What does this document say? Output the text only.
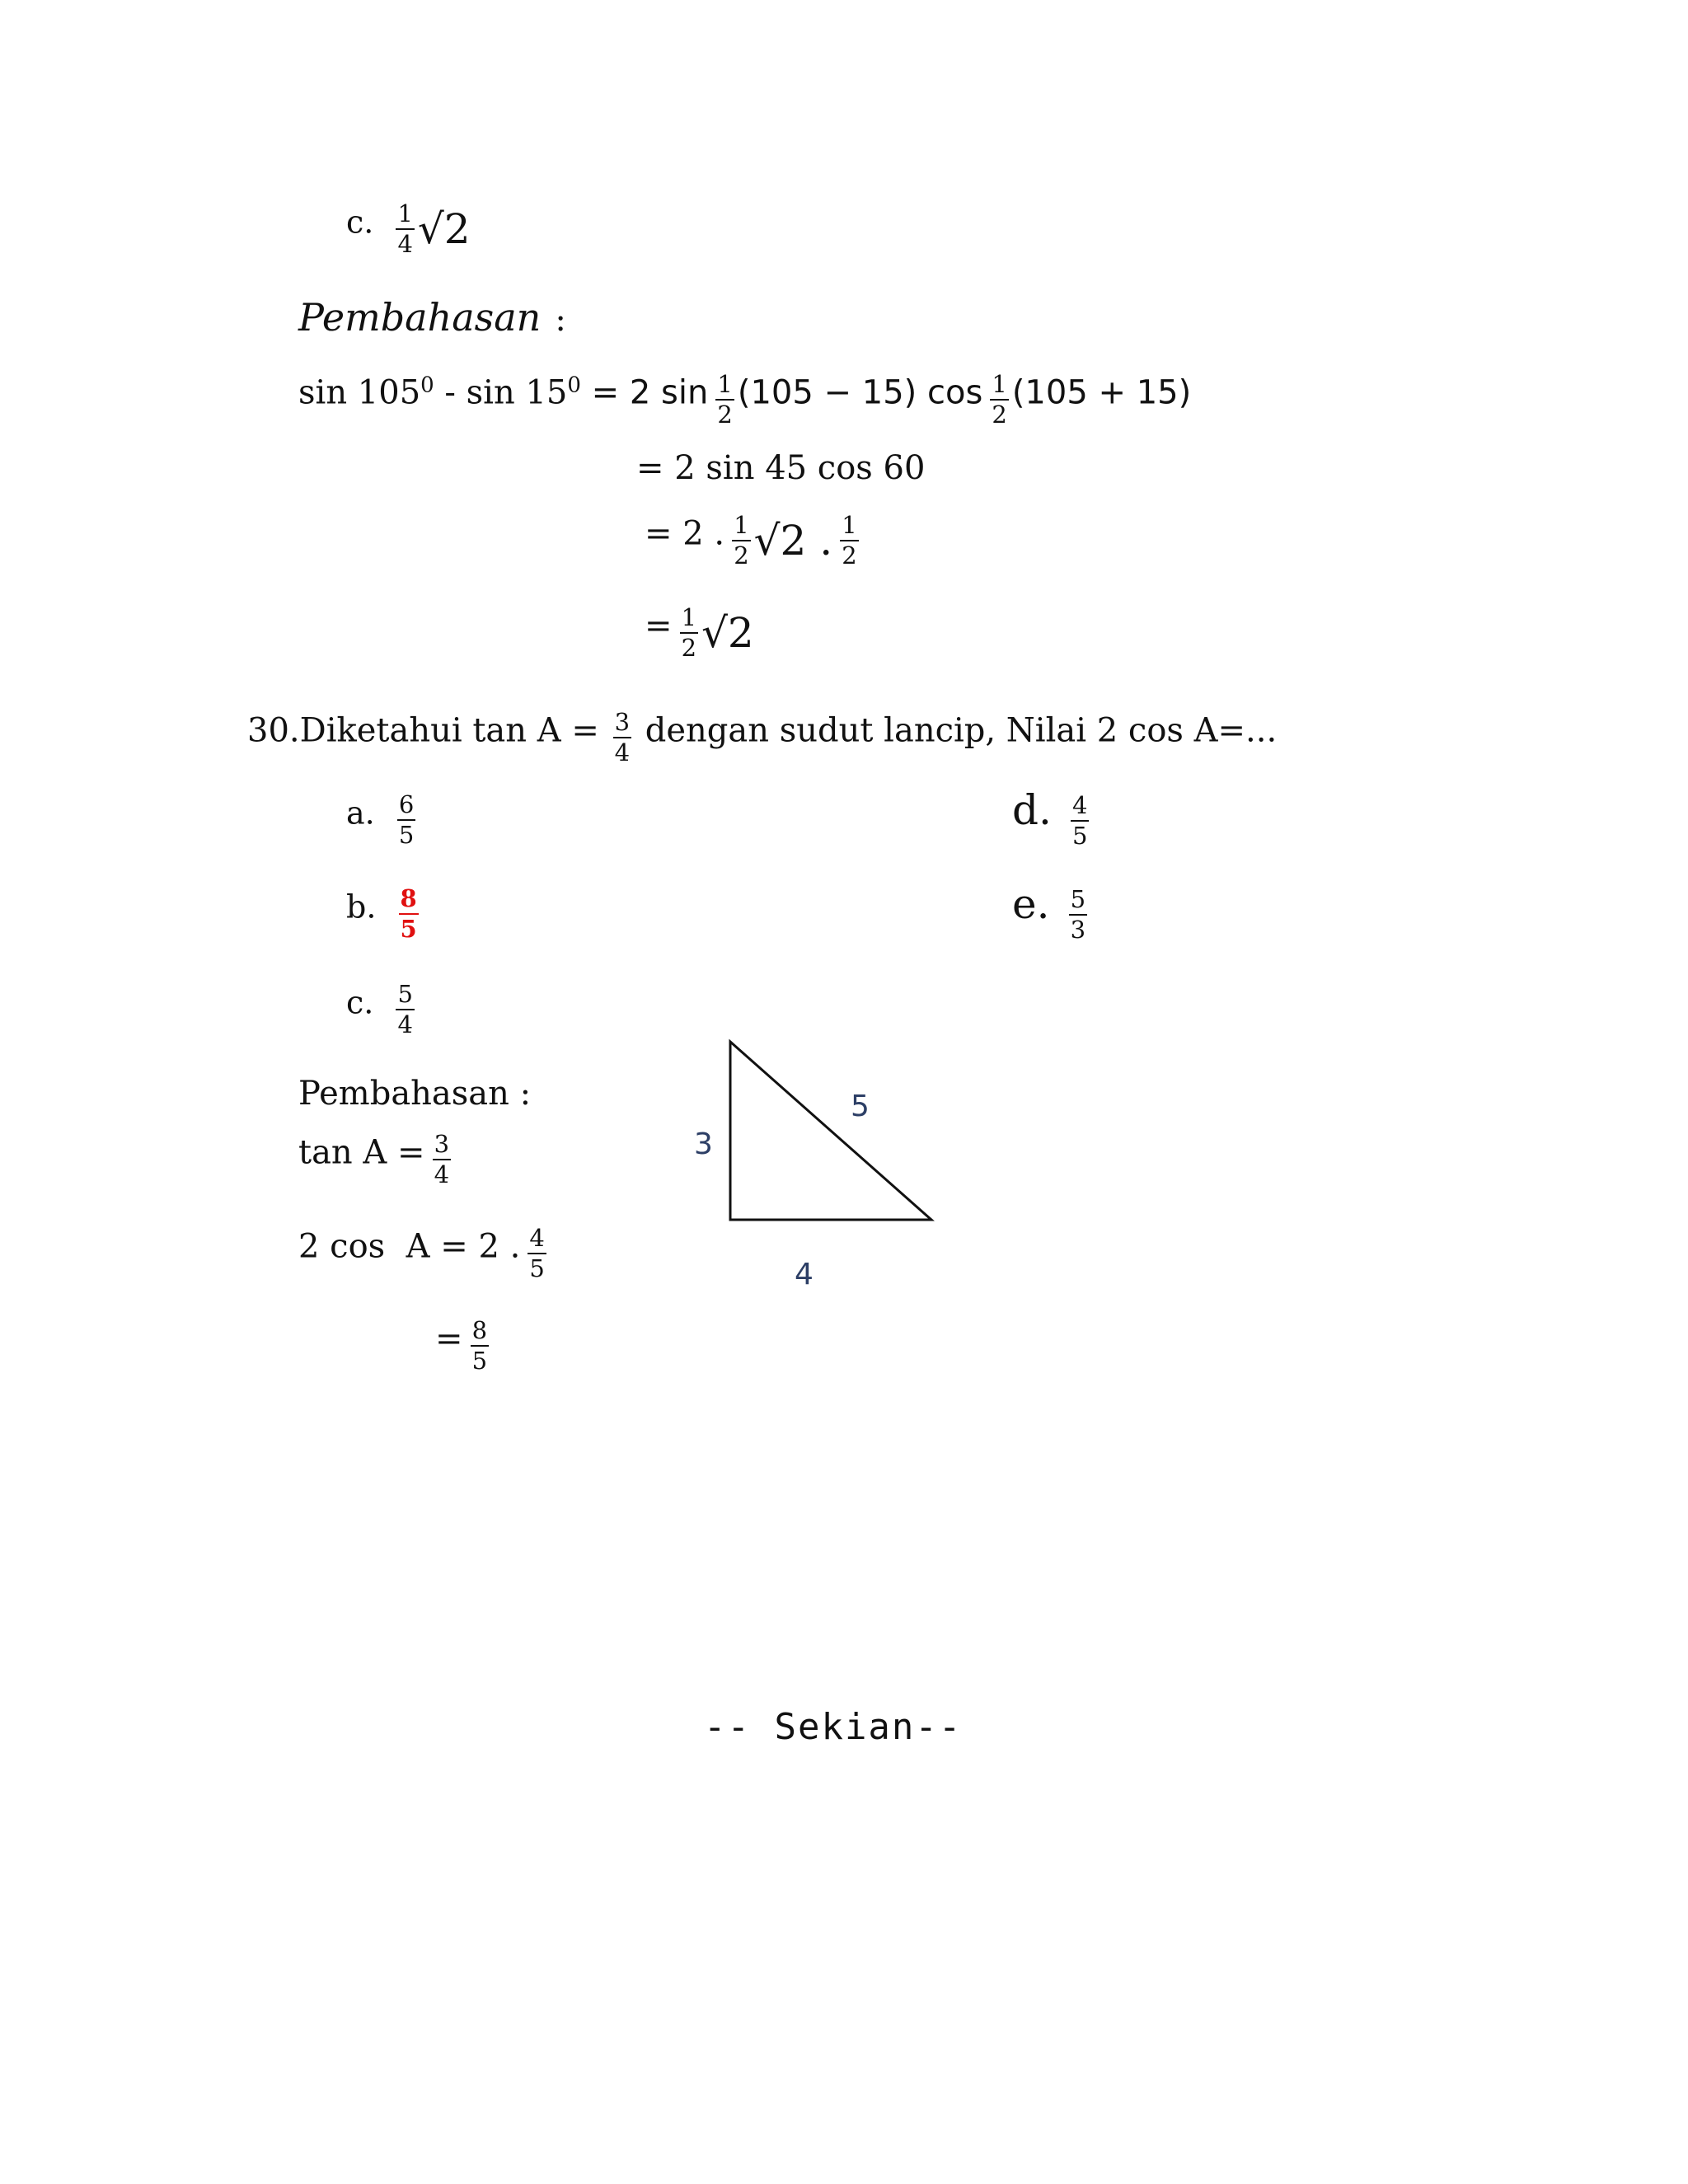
c. $\frac{1}{4} √2$
Pembahasan :
sin 1050 - sin 150 = 2 $\sin \frac{1}{2} (105 - 15)$ $\cos \frac{1}{2} (105 + 15)$
= 2 sin 45 cos 60
= 2 . $\frac{1}{2} √2$ . $\frac{1}{2}$
= $\frac{1}{2} √2$
30.Diketahui $\tan A = \frac{3}{4}$ dengan sudut lancip, Nilai 2 cos A=...
a. $\frac{6}{5}$
b. $\frac{8}{5}$
c. $\frac{5}{4}$
d. $\frac{4}{5}$
e. $\frac{5}{3}$
Pembahasan :
$\tan A = \frac{3}{4}$
2 cos  A = 2 . $\frac{4}{5}$
= $\frac{8}{5}$
3
5
4
-- Sekian--
